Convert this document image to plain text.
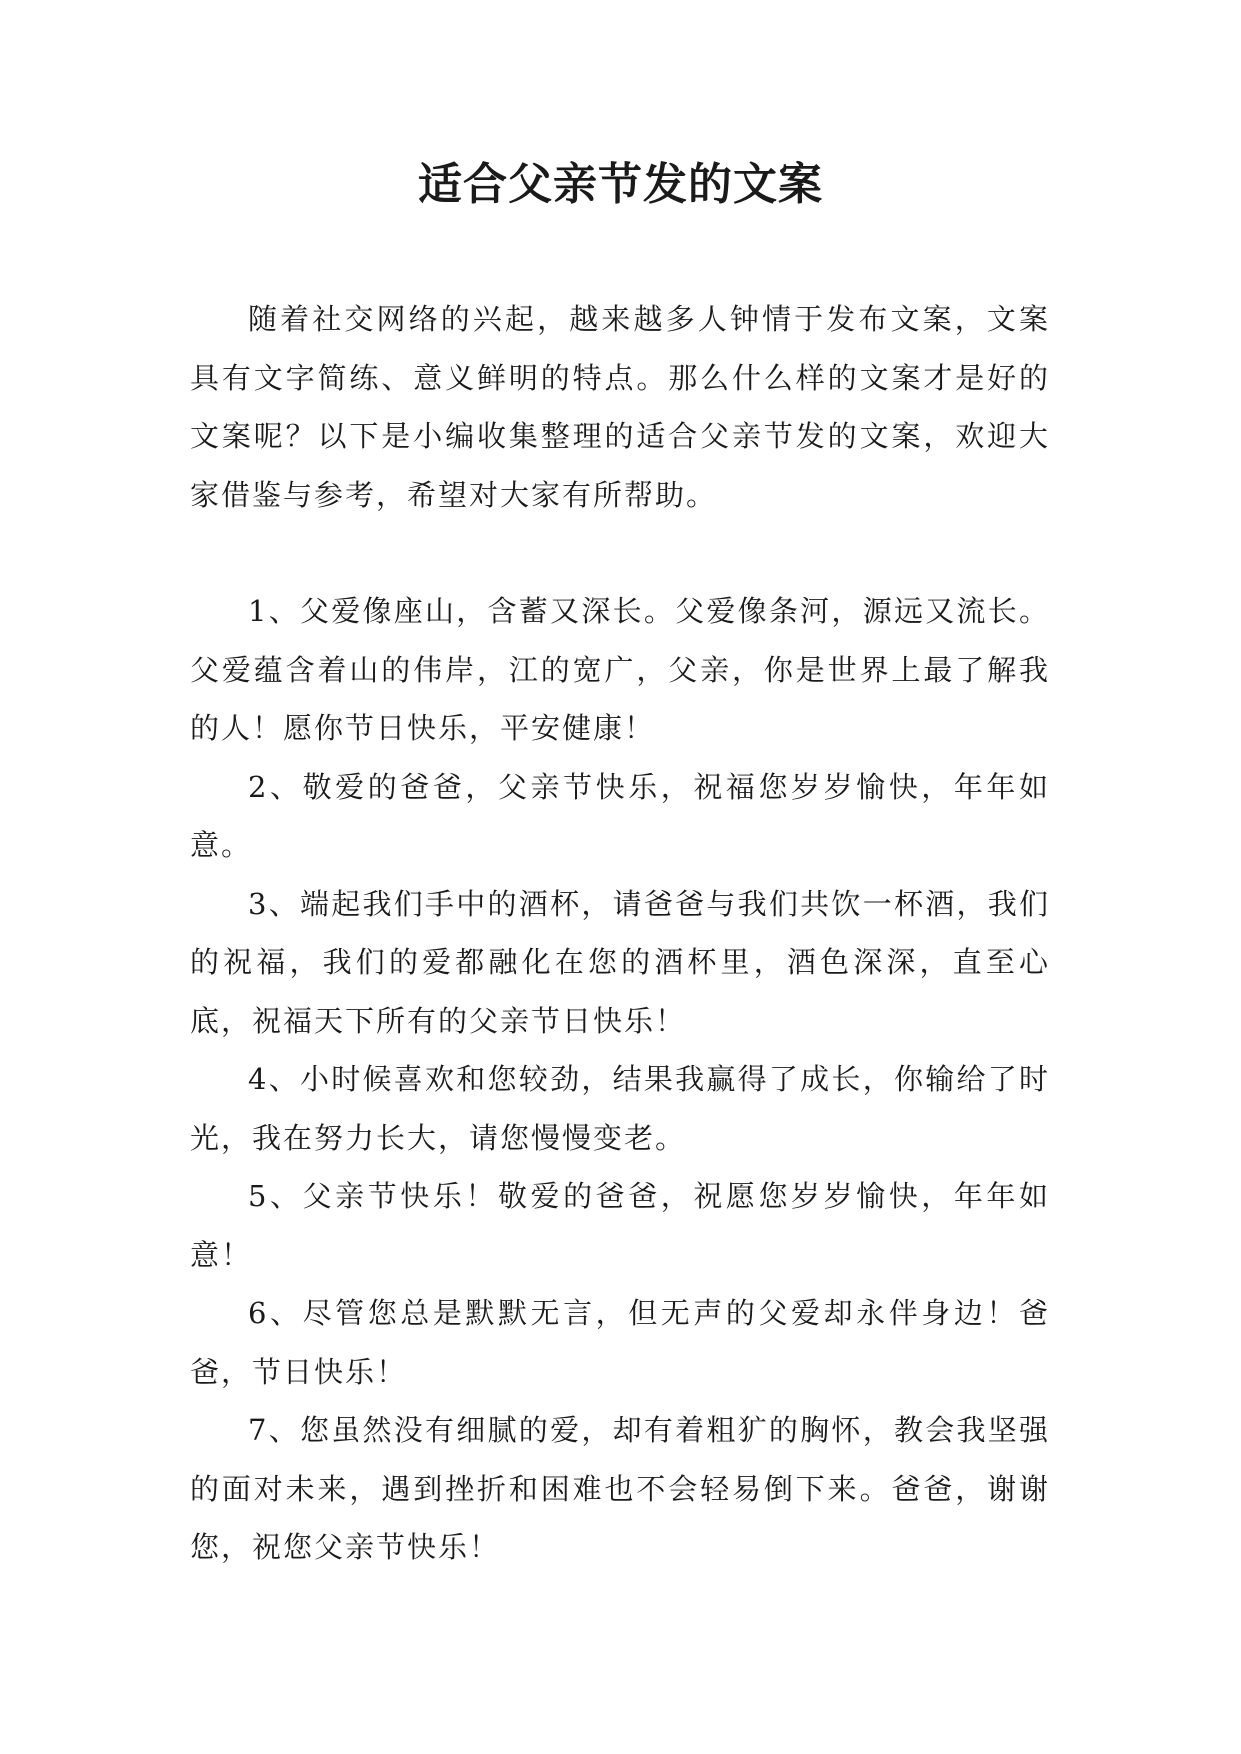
适合父亲节发的文案

随着社交网络的兴起，越来越多人钟情于发布文案，文案具有文字简练、意义鲜明的特点。那么什么样的文案才是好的文案呢？以下是小编收集整理的适合父亲节发的文案，欢迎大家借鉴与参考，希望对大家有所帮助。

1、父爱像座山，含蓄又深长。父爱像条河，源远又流长。父爱蕴含着山的伟岸，江的宽广，父亲，你是世界上最了解我的人！愿你节日快乐，平安健康！

2、敬爱的爸爸，父亲节快乐，祝福您岁岁愉快，年年如意。

3、端起我们手中的酒杯，请爸爸与我们共饮一杯酒，我们的祝福，我们的爱都融化在您的酒杯里，酒色深深，直至心底，祝福天下所有的父亲节日快乐！

4、小时候喜欢和您较劲，结果我赢得了成长，你输给了时光，我在努力长大，请您慢慢变老。

5、父亲节快乐！敬爱的爸爸，祝愿您岁岁愉快，年年如意！

6、尽管您总是默默无言，但无声的父爱却永伴身边！爸爸，节日快乐！

7、您虽然没有细腻的爱，却有着粗犷的胸怀，教会我坚强的面对未来，遇到挫折和困难也不会轻易倒下来。爸爸，谢谢您，祝您父亲节快乐！
